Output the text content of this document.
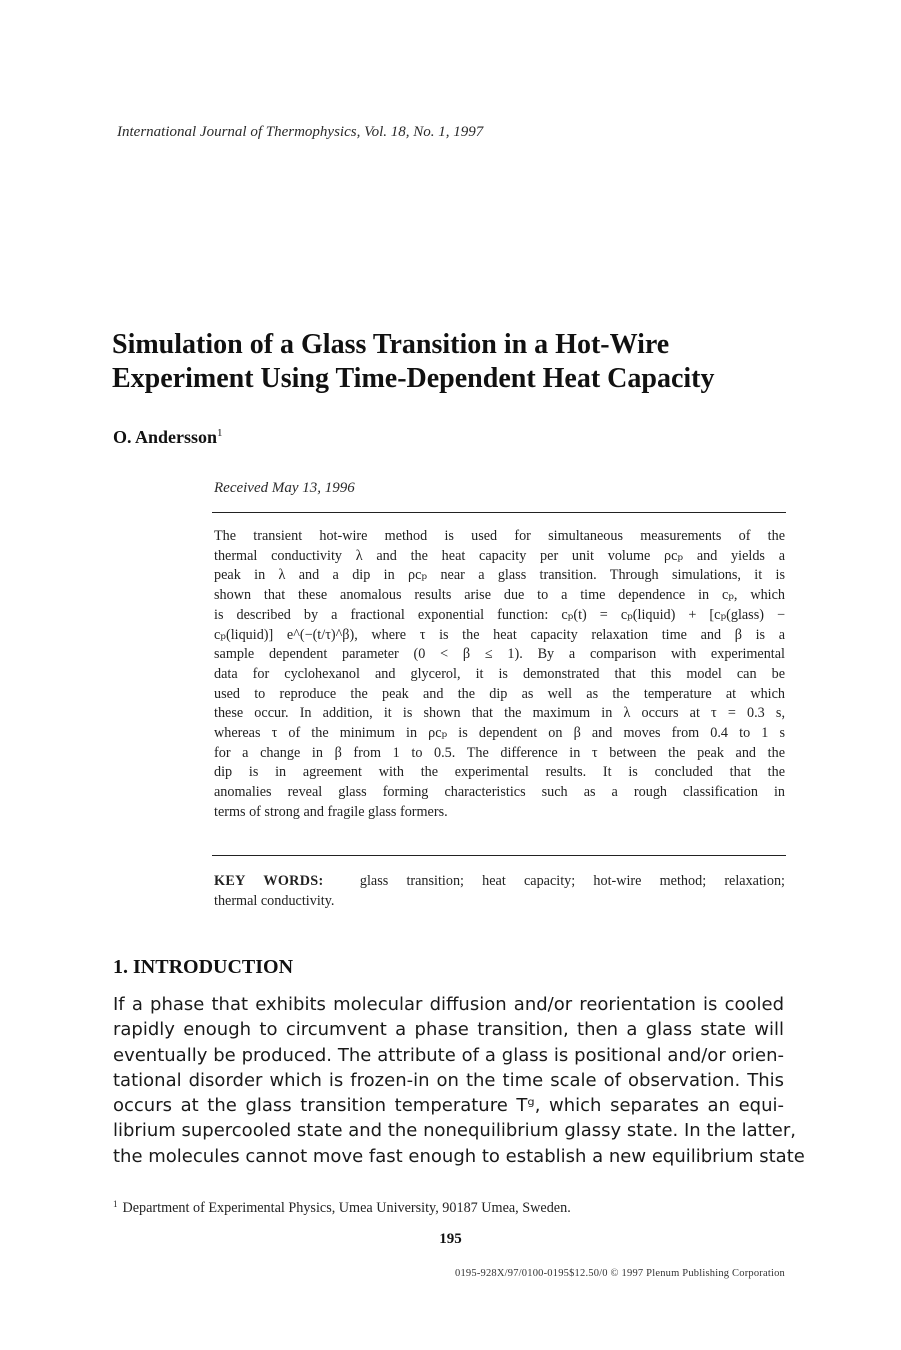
International Journal of Thermophysics, Vol. 18, No. 1, 1997
Simulation of a Glass Transition in a Hot-Wire
Experiment Using Time-Dependent Heat Capacity
O. Andersson$^1$
Received May 13, 1996

The transient hot-wire method is used for simultaneous measurements of the
thermal conductivity λ and the heat capacity per unit volume ρcₚ and yields a
peak in λ and a dip in ρcₚ near a glass transition. Through simulations, it is
shown that these anomalous results arise due to a time dependence in cₚ, which
is described by a fractional exponential function: cₚ(t) = cₚ(liquid) + [cₚ(glass) −
cₚ(liquid)] e^(−(t/τ)^β), where τ is the heat capacity relaxation time and β is a
sample dependent parameter (0 < β ≤ 1). By a comparison with experimental
data for cyclohexanol and glycerol, it is demonstrated that this model can be
used to reproduce the peak and the dip as well as the temperature at which
these occur. In addition, it is shown that the maximum in λ occurs at τ = 0.3 s,
whereas τ of the minimum in ρcₚ is dependent on β and moves from 0.4 to 1 s
for a change in β from 1 to 0.5. The difference in τ between the peak and the
dip is in agreement with the experimental results. It is concluded that the
anomalies reveal glass forming characteristics such as a rough classification in
terms of strong and fragile glass formers.

KEY WORDS:	glass transition; heat capacity; hot-wire method; relaxation;
thermal conductivity.
1. INTRODUCTION

If a phase that exhibits molecular diffusion and/or reorientation is cooled
rapidly enough to circumvent a phase transition, then a glass state will
eventually be produced. The attribute of a glass is positional and/or orien-
tational disorder which is frozen-in on the time scale of observation. This
occurs at the glass transition temperature Tᵍ, which separates an equi-
librium supercooled state and the nonequilibrium glassy state. In the latter,
the molecules cannot move fast enough to establish a new equilibrium state

$^1$ Department of Experimental Physics, Umea University, 90187 Umea, Sweden.
195
0195-928X/97/0100-0195$12.50/0 © 1997 Plenum Publishing Corporation
